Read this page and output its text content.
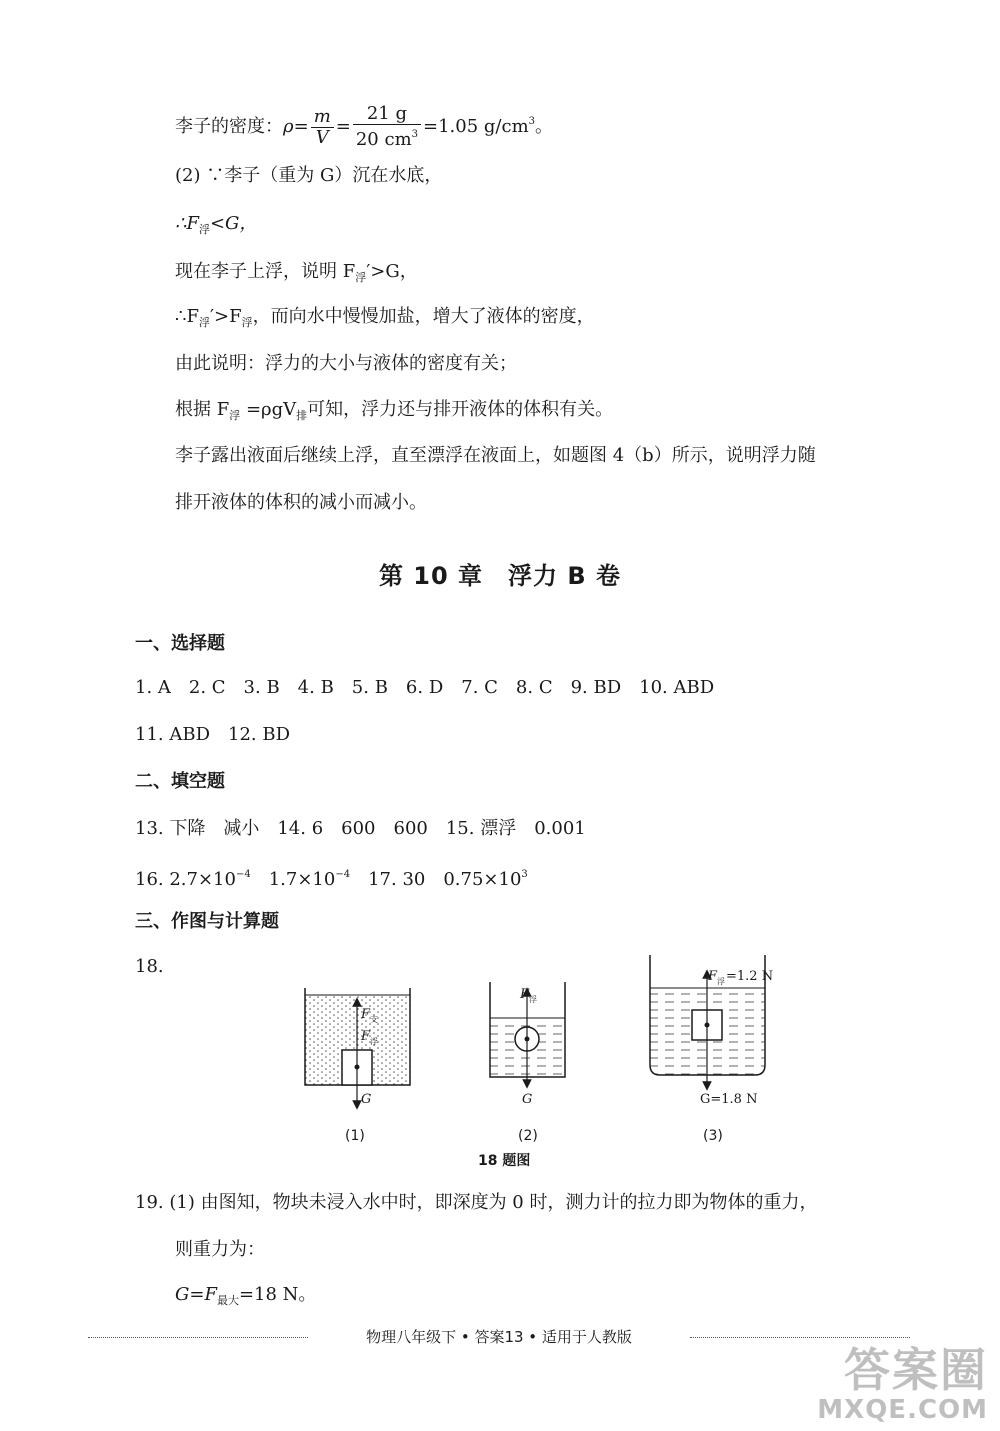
李子的密度：$\rho= \frac{m}{V} = \frac{21 g}{20 cm^3} =1.05$ $g/cm^3$。
(2) ∵李子（重为 G）沉在水底，
$\therefore F_浮<G$，
现在李子上浮，说明 $F_浮'>G$，
$\therefore F_浮'>F_浮$，而向水中慢慢加盐，增大了液体的密度，
由此说明：浮力的大小与液体的密度有关；
根据 $F_浮 =\rho gV_排$可知，浮力还与排开液体的体积有关。
李子露出液面后继续上浮，直至漂浮在液面上，如题图 4（b）所示，说明浮力随
排开液体的体积的减小而减小。
第 10 章　浮力 B 卷
一、选择题
1. A　2. C　3. B　4. B　5. B　6. D　7. C　8. C　9. BD　10. ABD
11. ABD　12. BD
二、填空题
13. 下降　减小　14. 6　600　600　15. 漂浮　0.001
16. $2.7\times 10^{-4}$　$1.7\times 10^{-4}$　17. 30　$0.75\times 10^3$
三、作图与计算题
18.
F 支
F 浮
G
F 浮
G
F 浮 =1.2 N
G=1.8 N
(1)	(2)	(3)
18 题图
19. (1) 由图知，物块未浸入水中时，即深度为 0 时，测力计的拉力即为物体的重力，
则重力为：
$G=F_{最大}=18$ N。
物理八年级下 • 答案13 • 适用于人教版
答案圈
MXQE.COM
